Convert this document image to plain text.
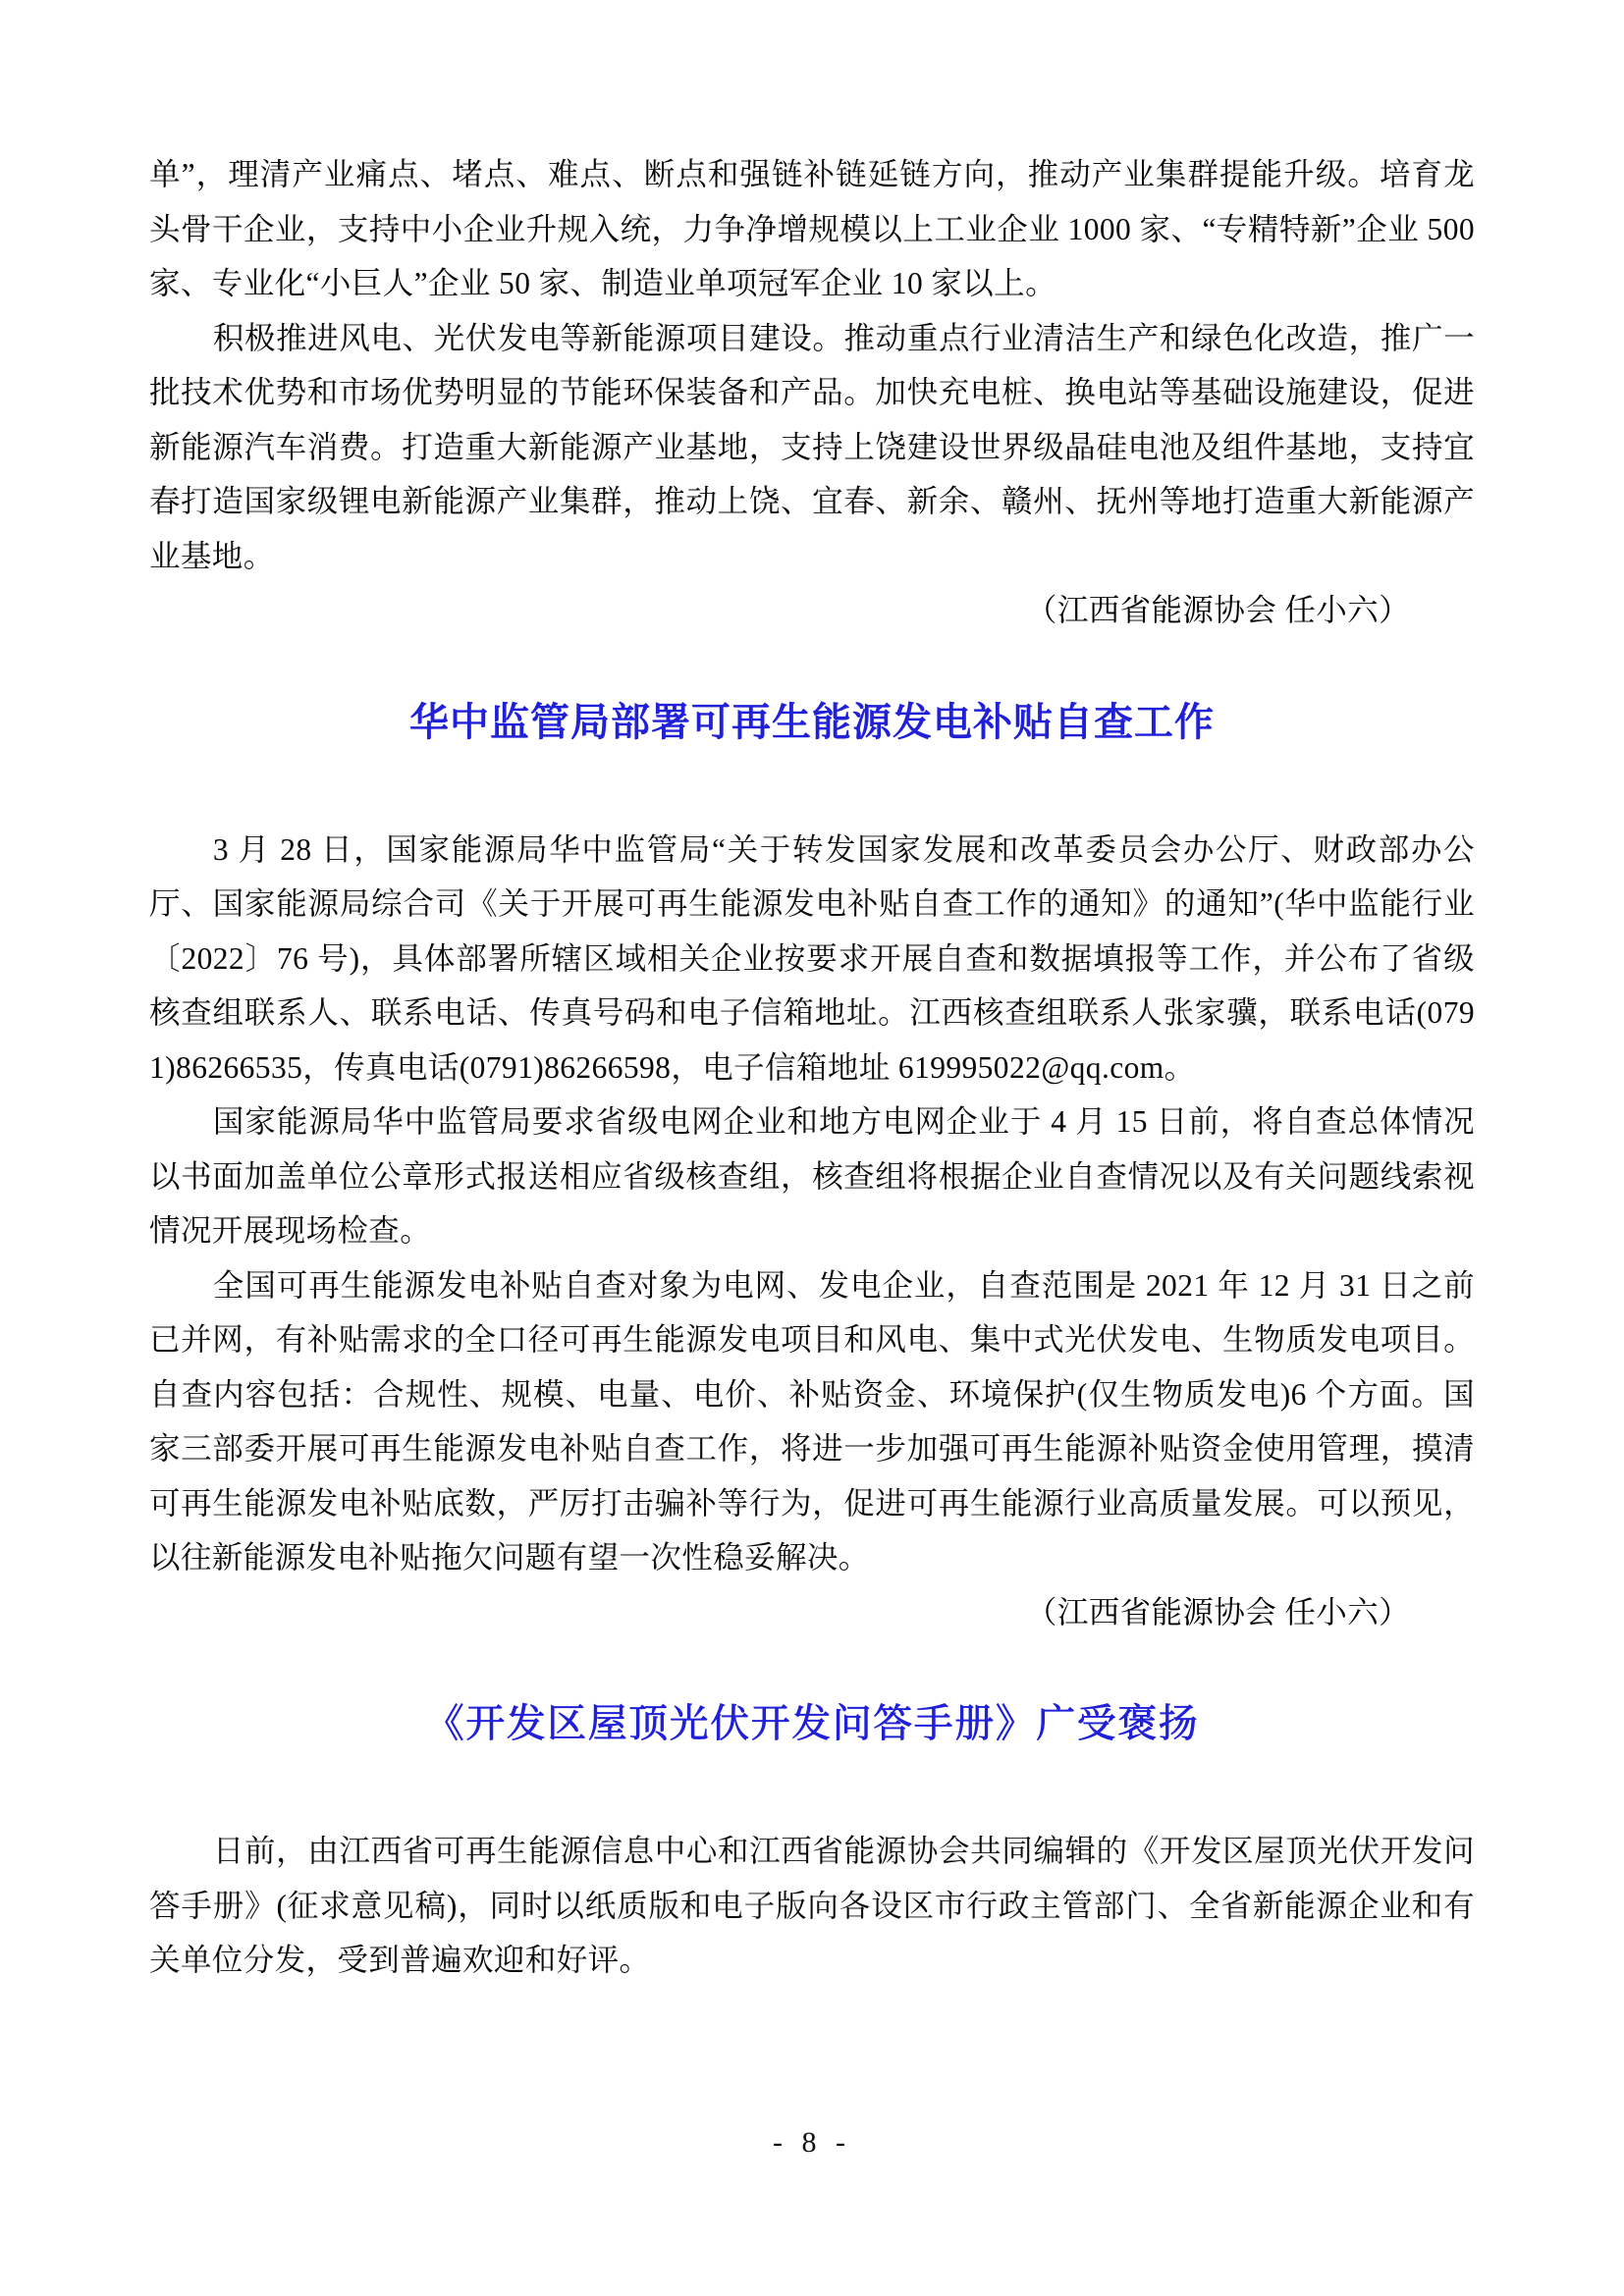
单”，理清产业痛点、堵点、难点、断点和强链补链延链方向，推动产业集群提能升级。培育龙头骨干企业，支持中小企业升规入统，力争净增规模以上工业企业 1000 家、“专精特新”企业 500 家、专业化“小巨人”企业 50 家、制造业单项冠军企业 10 家以上。

积极推进风电、光伏发电等新能源项目建设。推动重点行业清洁生产和绿色化改造，推广一批技术优势和市场优势明显的节能环保装备和产品。加快充电桩、换电站等基础设施建设，促进新能源汽车消费。打造重大新能源产业基地，支持上饶建设世界级晶硅电池及组件基地，支持宜春打造国家级锂电新能源产业集群，推动上饶、宜春、新余、赣州、抚州等地打造重大新能源产业基地。

（江西省能源协会 任小六）

华中监管局部署可再生能源发电补贴自查工作

3 月 28 日，国家能源局华中监管局“关于转发国家发展和改革委员会办公厅、财政部办公厅、国家能源局综合司《关于开展可再生能源发电补贴自查工作的通知》的通知”(华中监能行业〔2022〕76 号)，具体部署所辖区域相关企业按要求开展自查和数据填报等工作，并公布了省级核查组联系人、联系电话、传真号码和电子信箱地址。江西核查组联系人张家骥，联系电话(0791)86266535，传真电话(0791)86266598，电子信箱地址 619995022@qq.com。

国家能源局华中监管局要求省级电网企业和地方电网企业于 4 月 15 日前，将自查总体情况以书面加盖单位公章形式报送相应省级核查组，核查组将根据企业自查情况以及有关问题线索视情况开展现场检查。

全国可再生能源发电补贴自查对象为电网、发电企业，自查范围是 2021 年 12 月 31 日之前已并网，有补贴需求的全口径可再生能源发电项目和风电、集中式光伏发电、生物质发电项目。自查内容包括：合规性、规模、电量、电价、补贴资金、环境保护(仅生物质发电)6 个方面。国家三部委开展可再生能源发电补贴自查工作，将进一步加强可再生能源补贴资金使用管理，摸清可再生能源发电补贴底数，严厉打击骗补等行为，促进可再生能源行业高质量发展。可以预见，以往新能源发电补贴拖欠问题有望一次性稳妥解决。

（江西省能源协会 任小六）

《开发区屋顶光伏开发问答手册》广受褒扬

日前，由江西省可再生能源信息中心和江西省能源协会共同编辑的《开发区屋顶光伏开发问答手册》(征求意见稿)，同时以纸质版和电子版向各设区市行政主管部门、全省新能源企业和有关单位分发，受到普遍欢迎和好评。

- 8 -
